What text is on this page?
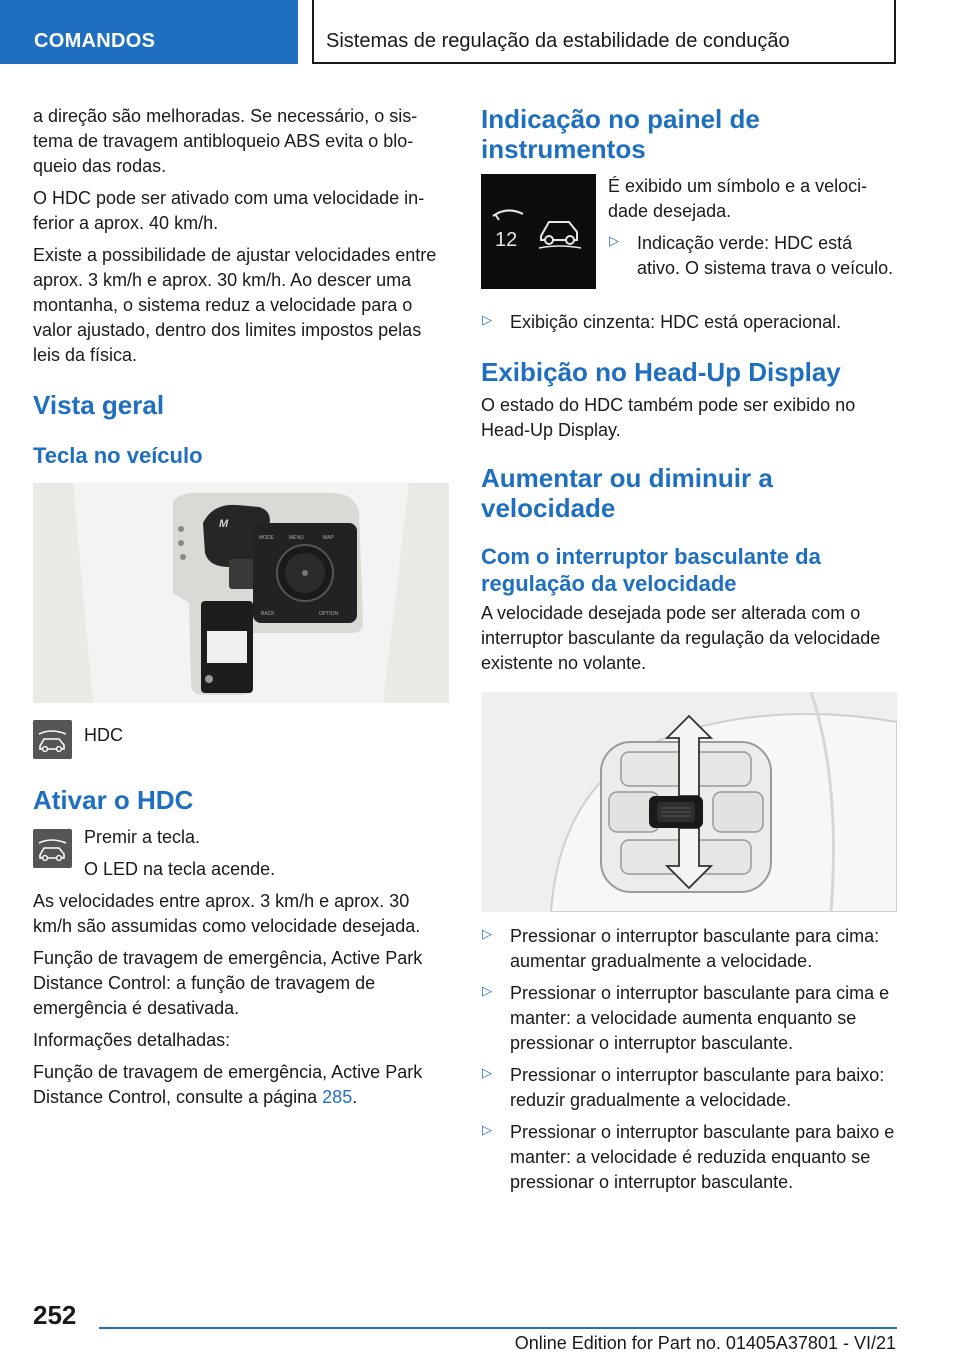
COMANDOS	Sistemas de regulação da estabilidade de condução

a direção são melhoradas. Se necessário, o sistema de travagem antibloqueio ABS evita o bloqueio das rodas.

O HDC pode ser ativado com uma velocidade inferior a aprox. 40 km/h.

Existe a possibilidade de ajustar velocidades entre aprox. 3 km/h e aprox. 30 km/h. Ao descer uma montanha, o sistema reduz a velocidade para o valor ajustado, dentro dos limites impostos pelas leis da física.

Vista geral
Tecla no veículo
M
MODE	MENU	MAP
BACK	OPTION

HDC

Ativar o HDC

Premir a tecla.

O LED na tecla acende.

As velocidades entre aprox. 3 km/h e aprox. 30 km/h são assumidas como velocidade desejada.

Função de travagem de emergência, Active Park Distance Control: a função de travagem de emergência é desativada.

Informações detalhadas:

Função de travagem de emergência, Active Park Distance Control, consulte a página 285.

Indicação no painel de instrumentos
12

É exibido um símbolo e a velocidade desejada.

▷ Indicação verde: HDC está ativo. O sistema trava o veículo.

▷ Exibição cinzenta: HDC está operacional.

Exibição no Head-Up Display

O estado do HDC também pode ser exibido no Head-Up Display.

Aumentar ou diminuir a velocidade
Com o interruptor basculante da regulação da velocidade

A velocidade desejada pode ser alterada com o interruptor basculante da regulação da velocidade existente no volante.

▷ Pressionar o interruptor basculante para cima: aumentar gradualmente a velocidade.

▷ Pressionar o interruptor basculante para cima e manter: a velocidade aumenta enquanto se pressionar o interruptor basculante.

▷ Pressionar o interruptor basculante para baixo: reduzir gradualmente a velocidade.

▷ Pressionar o interruptor basculante para baixo e manter: a velocidade é reduzida enquanto se pressionar o interruptor basculante.

252
Online Edition for Part no. 01405A37801 - VI/21
